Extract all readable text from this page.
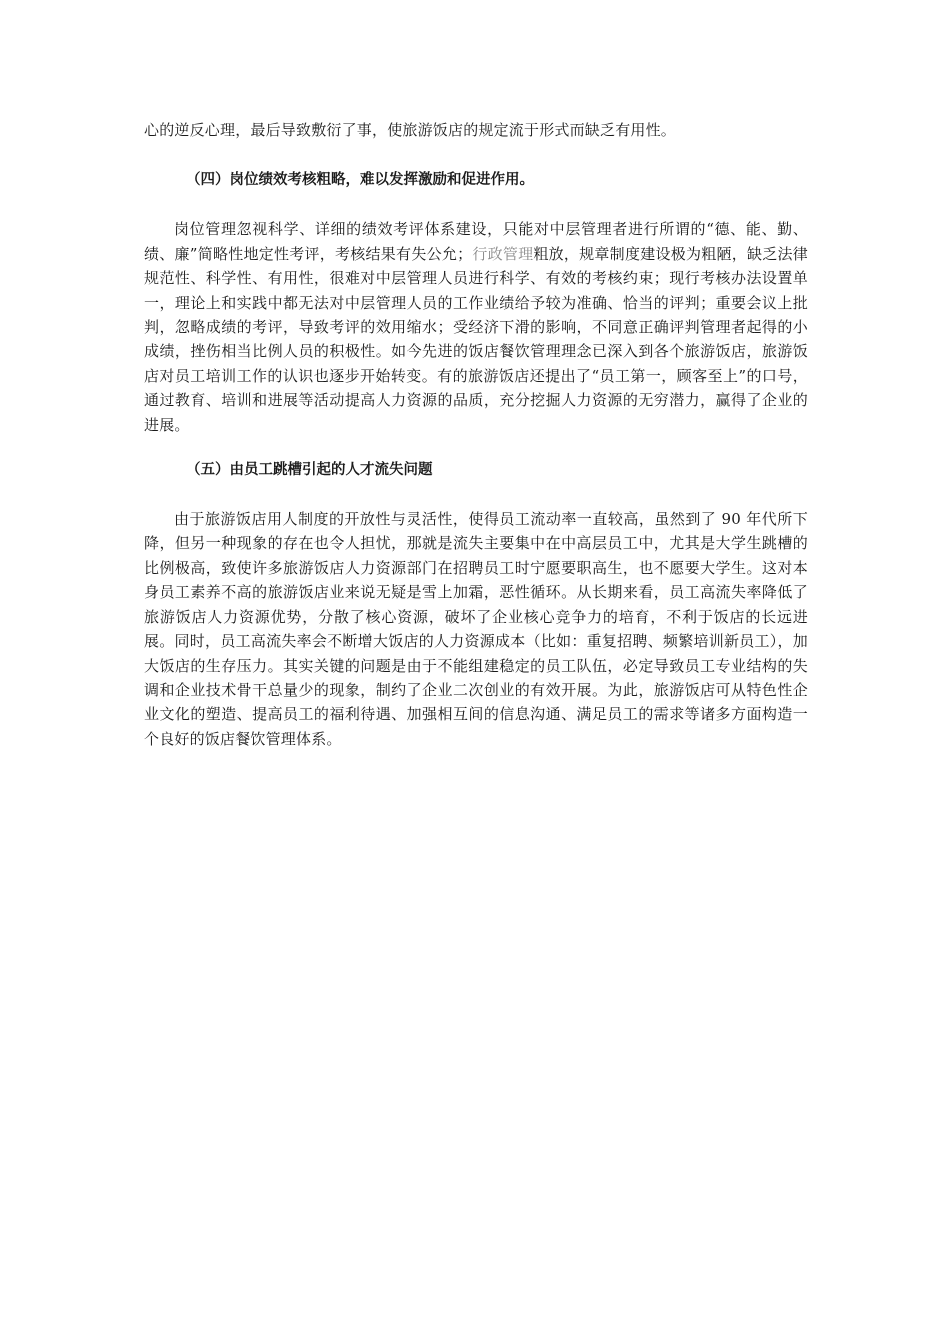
心的逆反心理，最后导致敷衍了事，使旅游饭店的规定流于形式而缺乏有用性。

（四）岗位绩效考核粗略，难以发挥激励和促进作用。

岗位管理忽视科学、详细的绩效考评体系建设，只能对中层管理者进行所谓的“德、能、勤、绩、廉”简略性地定性考评，考核结果有失公允；行政管理粗放，规章制度建设极为粗陋，缺乏法律规范性、科学性、有用性，很难对中层管理人员进行科学、有效的考核约束；现行考核办法设置单一，理论上和实践中都无法对中层管理人员的工作业绩给予较为准确、恰当的评判；重要会议上批判，忽略成绩的考评，导致考评的效用缩水；受经济下滑的影响，不同意正确评判管理者起得的小成绩，挫伤相当比例人员的积极性。如今先进的饭店餐饮管理理念已深入到各个旅游饭店，旅游饭店对员工培训工作的认识也逐步开始转变。有的旅游饭店还提出了“员工第一，顾客至上”的口号，通过教育、培训和进展等活动提高人力资源的品质，充分挖掘人力资源的无穷潜力，赢得了企业的进展。

（五）由员工跳槽引起的人才流失问题

由于旅游饭店用人制度的开放性与灵活性，使得员工流动率一直较高，虽然到了 90 年代所下降，但另一种现象的存在也令人担忧，那就是流失主要集中在中高层员工中，尤其是大学生跳槽的比例极高，致使许多旅游饭店人力资源部门在招聘员工时宁愿要职高生，也不愿要大学生。这对本身员工素养不高的旅游饭店业来说无疑是雪上加霜，恶性循环。从长期来看，员工高流失率降低了旅游饭店人力资源优势，分散了核心资源，破坏了企业核心竞争力的培育，不利于饭店的长远进展。同时，员工高流失率会不断增大饭店的人力资源成本（比如：重复招聘、频繁培训新员工），加大饭店的生存压力。其实关键的问题是由于不能组建稳定的员工队伍，必定导致员工专业结构的失调和企业技术骨干总量少的现象，制约了企业二次创业的有效开展。为此，旅游饭店可从特色性企业文化的塑造、提高员工的福利待遇、加强相互间的信息沟通、满足员工的需求等诸多方面构造一个良好的饭店餐饮管理体系。
